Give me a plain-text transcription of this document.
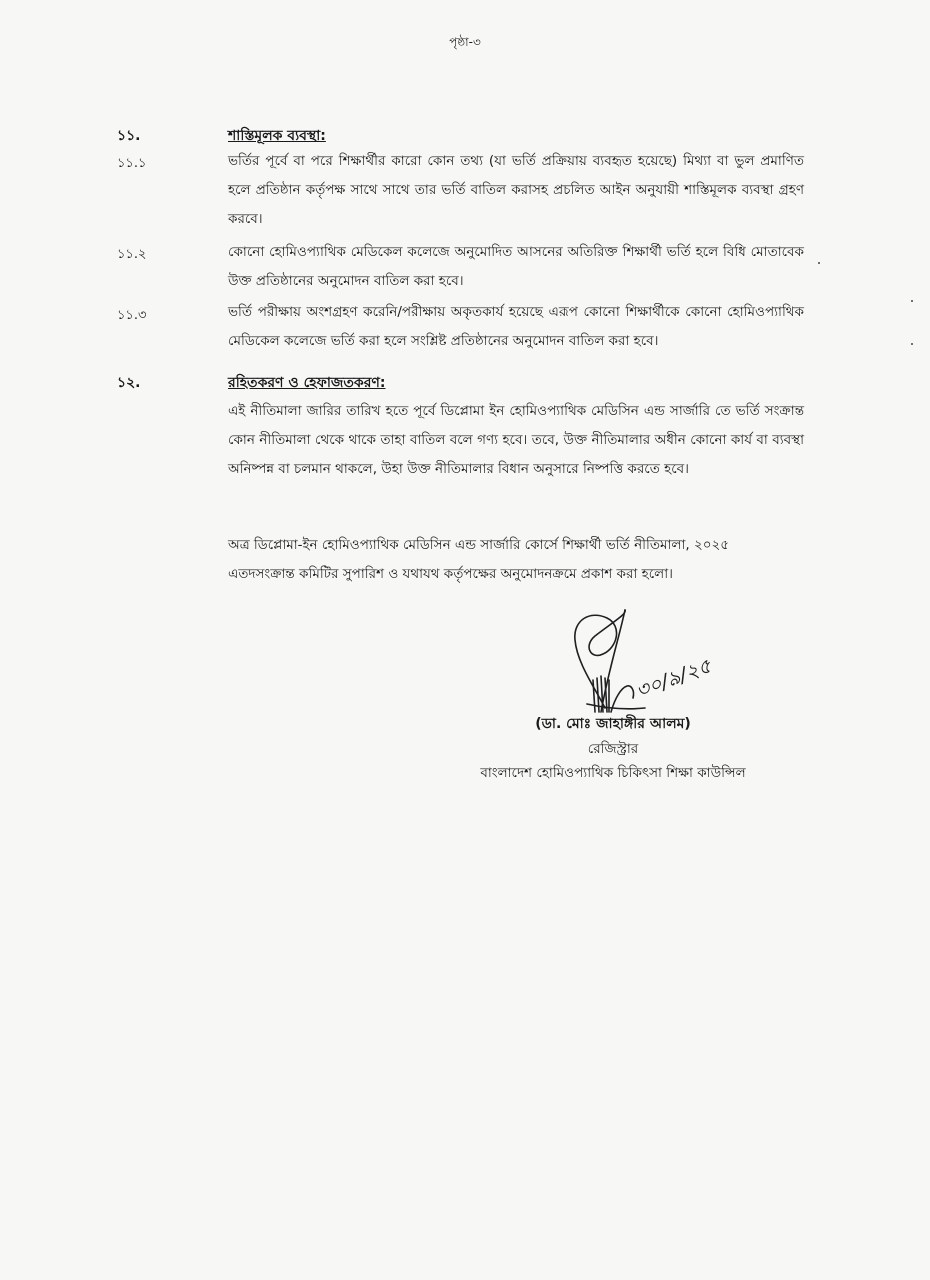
পৃষ্ঠা-৩
১১.	শাস্তিমূলক ব্যবস্থা:
১১.১	ভর্তির পূর্বে বা পরে শিক্ষার্থীর কারো কোন তথ্য (যা ভর্তি প্রক্রিয়ায় ব্যবহৃত হয়েছে) মিথ্যা বা ভুল প্রমাণিত হলে প্রতিষ্ঠান কর্তৃপক্ষ সাথে সাথে তার ভর্তি বাতিল করাসহ প্রচলিত আইন অনুযায়ী শাস্তিমূলক ব্যবস্থা গ্রহণ করবে।
১১.২	কোনো হোমিওপ্যাথিক মেডিকেল কলেজে অনুমোদিত আসনের অতিরিক্ত শিক্ষার্থী ভর্তি হলে বিধি মোতাবেক উক্ত প্রতিষ্ঠানের অনুমোদন বাতিল করা হবে।
১১.৩	ভর্তি পরীক্ষায় অংশগ্রহণ করেনি/পরীক্ষায় অকৃতকার্য হয়েছে এরূপ কোনো শিক্ষার্থীকে কোনো হোমিওপ্যাথিক মেডিকেল কলেজে ভর্তি করা হলে সংশ্লিষ্ট প্রতিষ্ঠানের অনুমোদন বাতিল করা হবে।
১২.	রহিতকরণ ও হেফাজতকরণ:
এই নীতিমালা জারির তারিখ হতে পূর্বে ডিপ্লোমা ইন হোমিওপ্যাথিক মেডিসিন এন্ড সার্জারি তে ভর্তি সংক্রান্ত কোন নীতিমালা থেকে থাকে তাহা বাতিল বলে গণ্য হবে। তবে, উক্ত নীতিমালার অধীন কোনো কার্য বা ব্যবস্থা অনিষ্পন্ন বা চলমান থাকলে, উহা উক্ত নীতিমালার বিধান অনুসারে নিষ্পত্তি করতে হবে।
অত্র ডিপ্লোমা-ইন হোমিওপ্যাথিক মেডিসিন এন্ড সার্জারি কোর্সে শিক্ষার্থী ভর্তি নীতিমালা, ২০২৫
এতদসংক্রান্ত কমিটির সুপারিশ ও যথাযথ কর্তৃপক্ষের অনুমোদনক্রমে প্রকাশ করা হলো।
৩০/৯/২৫
(ডা. মোঃ জাহাঙ্গীর আলম)
রেজিস্ট্রার
বাংলাদেশ হোমিওপ্যাথিক চিকিৎসা শিক্ষা কাউন্সিল
